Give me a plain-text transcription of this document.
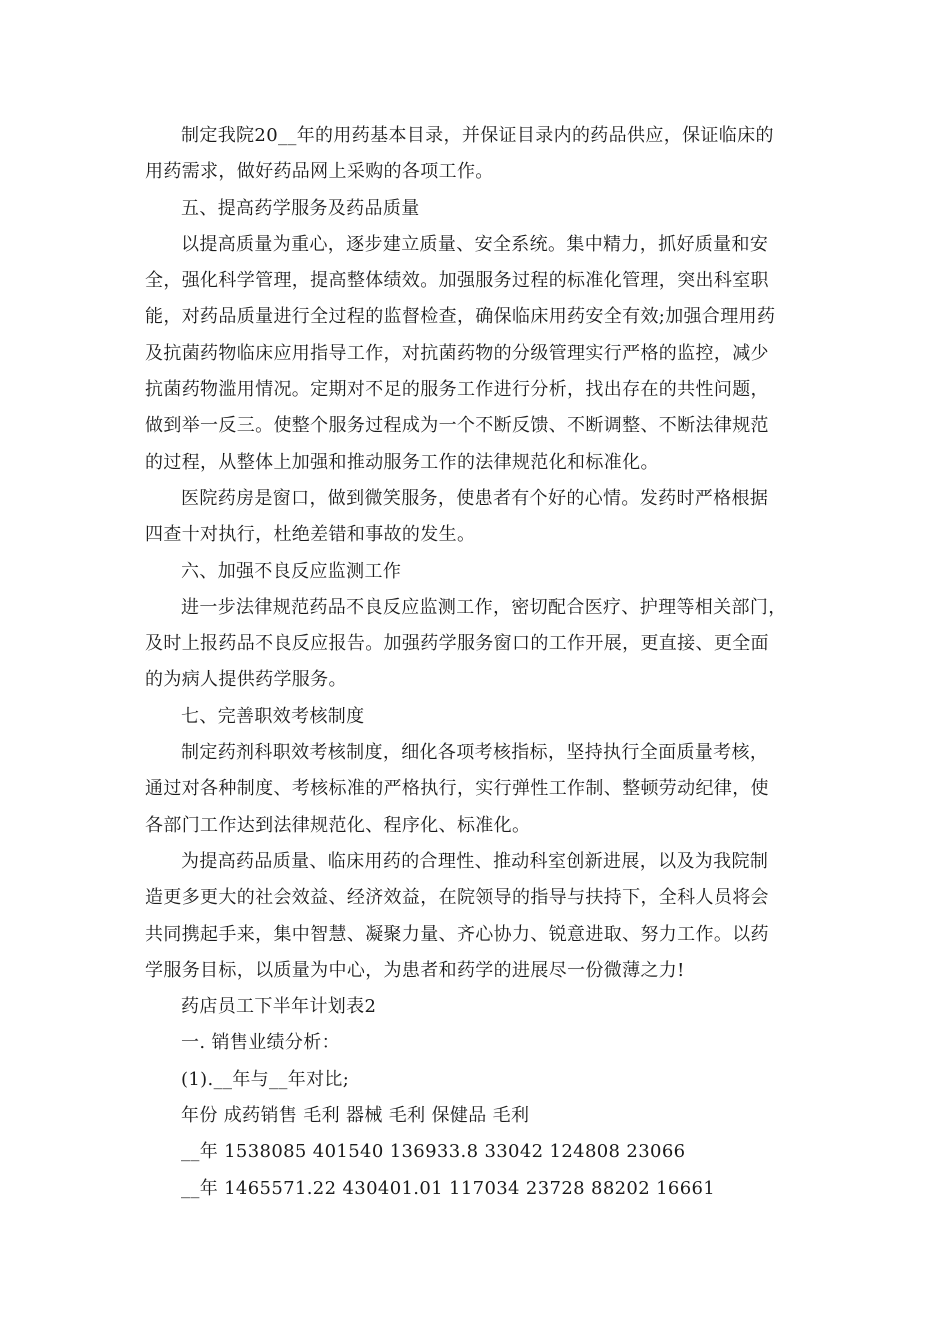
制定我院20__年的用药基本目录，并保证目录内的药品供应，保证临床的
用药需求，做好药品网上采购的各项工作。
五、提高药学服务及药品质量
以提高质量为重心，逐步建立质量、安全系统。集中精力，抓好质量和安
全，强化科学管理，提高整体绩效。加强服务过程的标准化管理，突出科室职
能，对药品质量进行全过程的监督检查，确保临床用药安全有效;加强合理用药
及抗菌药物临床应用指导工作，对抗菌药物的分级管理实行严格的监控，减少
抗菌药物滥用情况。定期对不足的服务工作进行分析，找出存在的共性问题，
做到举一反三。使整个服务过程成为一个不断反馈、不断调整、不断法律规范
的过程，从整体上加强和推动服务工作的法律规范化和标准化。
医院药房是窗口，做到微笑服务，使患者有个好的心情。发药时严格根据
四查十对执行，杜绝差错和事故的发生。
六、加强不良反应监测工作
进一步法律规范药品不良反应监测工作，密切配合医疗、护理等相关部门，
及时上报药品不良反应报告。加强药学服务窗口的工作开展，更直接、更全面
的为病人提供药学服务。
七、完善职效考核制度
制定药剂科职效考核制度，细化各项考核指标，坚持执行全面质量考核，
通过对各种制度、考核标准的严格执行，实行弹性工作制、整顿劳动纪律，使
各部门工作达到法律规范化、程序化、标准化。
为提高药品质量、临床用药的合理性、推动科室创新进展，以及为我院制
造更多更大的社会效益、经济效益，在院领导的指导与扶持下，全科人员将会
共同携起手来，集中智慧、凝聚力量、齐心协力、锐意进取、努力工作。以药
学服务目标，以质量为中心，为患者和药学的进展尽一份微薄之力!
药店员工下半年计划表2
一. 销售业绩分析：
(1).__年与__年对比;
年份 成药销售 毛利 器械 毛利 保健品 毛利
__年 1538085 401540 136933.8 33042 124808 23066
__年 1465571.22 430401.01 117034 23728 88202 16661
